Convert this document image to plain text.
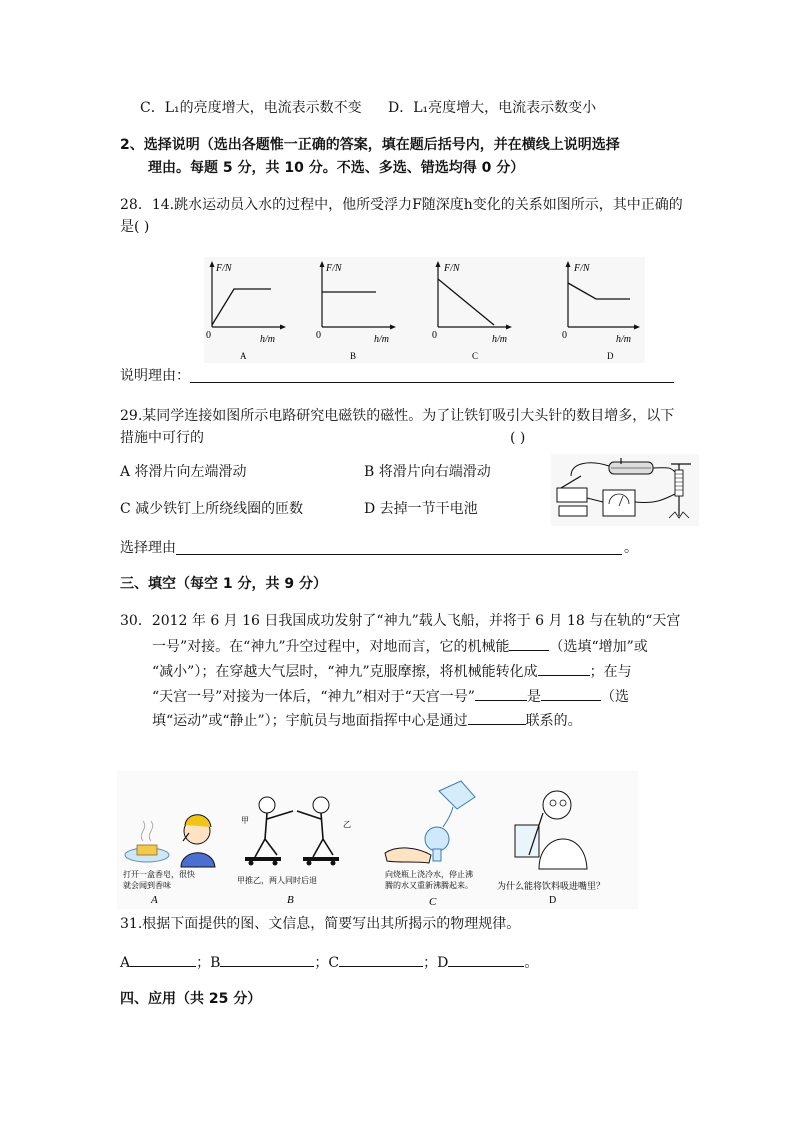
C．L₁的亮度增大，电流表示数不变 D．L₁亮度增大，电流表示数变小
2、选择说明（选出各题惟一正确的答案，填在题后括号内，并在横线上说明选择
理由。每题 5 分，共 10 分。不选、多选、错选均得 0 分）
28．14.跳水运动员入水的过程中，他所受浮力F随深度h变化的关系如图所示，其中正确的
是( )
F/N
0	h/m
A
F/N
0	h/m
B
F/N
0	h/m
C
F/N
0	h/m
D
说明理由：
29.某同学连接如图所示电路研究电磁铁的磁性。为了让铁钉吸引大头针的数目增多，以下
措施中可行的	( )
A 将滑片向左端滑动	B 将滑片向右端滑动
C 减少铁钉上所绕线圈的匝数	D 去掉一节干电池
选择理由	。
三、填空（每空 1 分，共 9 分）
30．2012 年 6 月 16 日我国成功发射了“神九”载人飞船，并将于 6 月 18 与在轨的“天宫
一号”对接。在“神九”升空过程中，对地而言，它的机械能	（选填“增加”或
“减小”）；在穿越大气层时，“神九”克服摩擦，将机械能转化成	；在与
“天宫一号”对接为一体后，“神九”相对于“天宫一号”	是	（选
填“运动”或“静止”）；宇航员与地面指挥中心是通过	联系的。
打开一盒香皂，很快
就会闻到香味
A
甲	乙
甲推乙，两人同时后退
B
向烧瓶上浇冷水，停止沸
腾的水又重新沸腾起来。
C
为什么能将饮料吸进嘴里？
D
31.根据下面提供的图、文信息，简要写出其所揭示的物理规律。
A	；B	；C	；D	。
四、应用（共 25 分）
